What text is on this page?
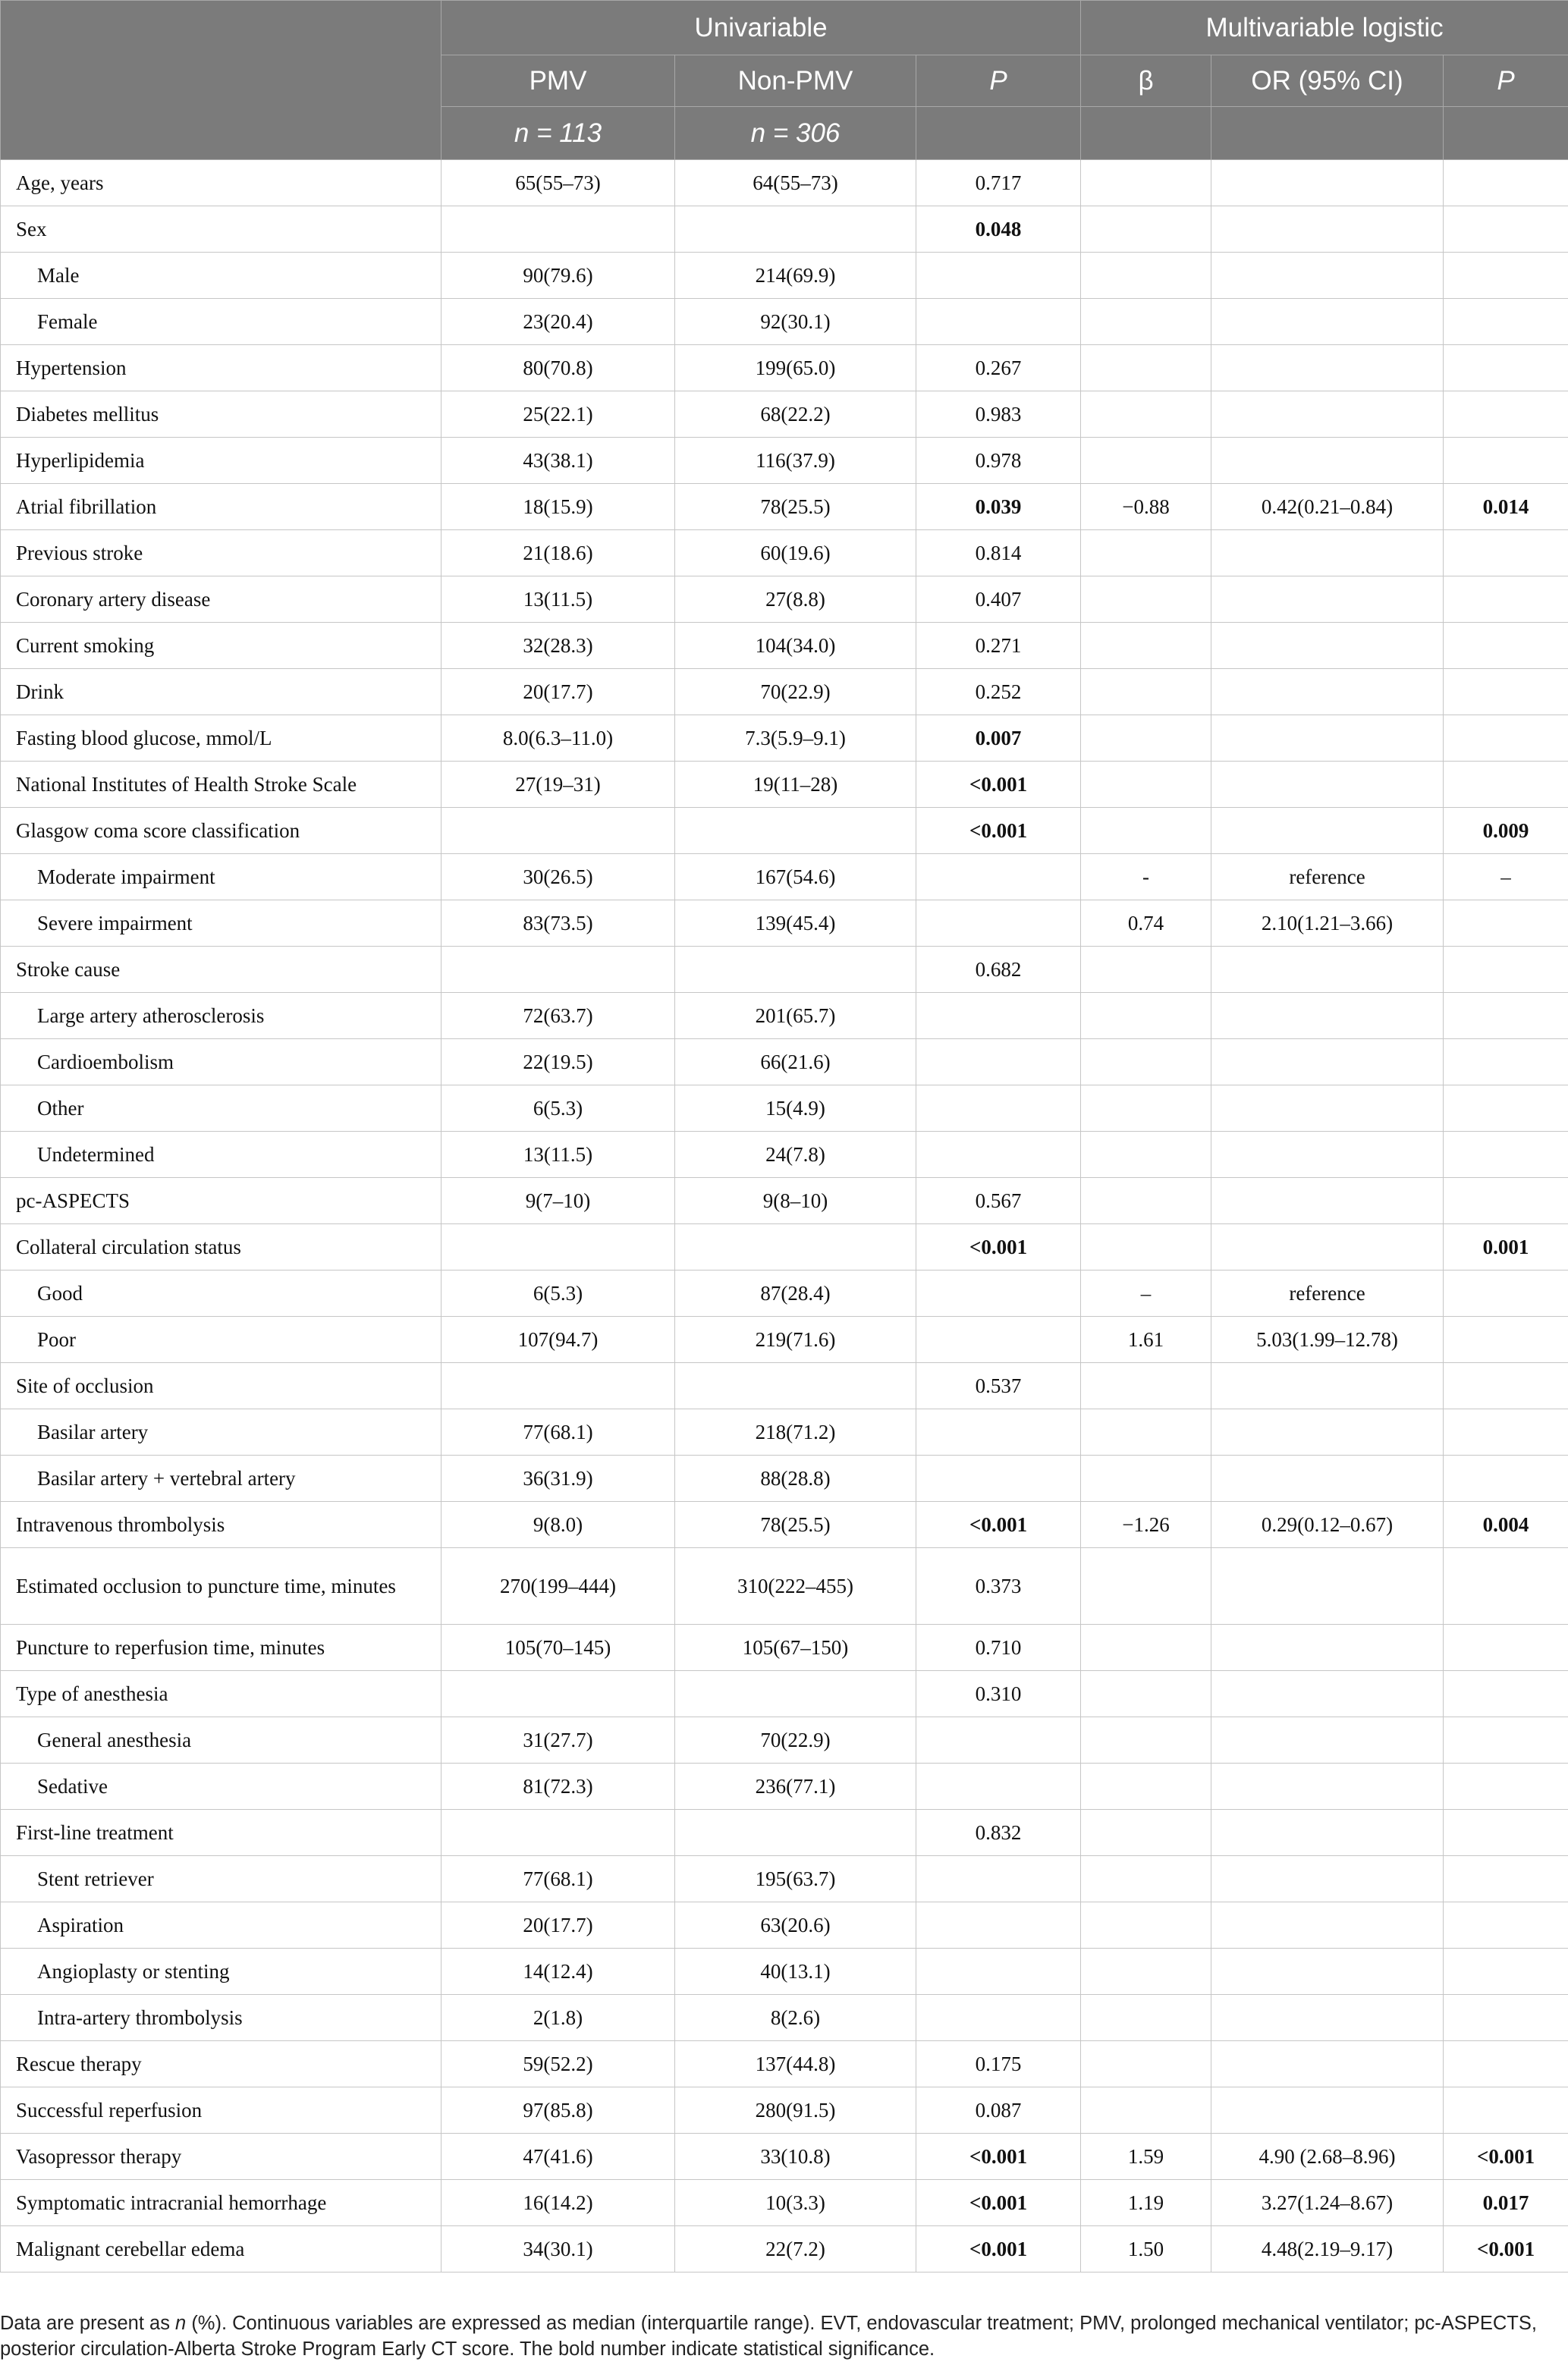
	Univariable			Multivariable logistic		
	PMV	Non-PMV	P	β	OR (95% CI)	P
	n = 113	n = 306				
Age, years	65(55–73)	64(55–73)	0.717			
Sex			0.048			
Male	90(79.6)	214(69.9)				
Female	23(20.4)	92(30.1)				
Hypertension	80(70.8)	199(65.0)	0.267			
Diabetes mellitus	25(22.1)	68(22.2)	0.983			
Hyperlipidemia	43(38.1)	116(37.9)	0.978			
Atrial fibrillation	18(15.9)	78(25.5)	0.039	−0.88	0.42(0.21–0.84)	0.014
Previous stroke	21(18.6)	60(19.6)	0.814			
Coronary artery disease	13(11.5)	27(8.8)	0.407			
Current smoking	32(28.3)	104(34.0)	0.271			
Drink	20(17.7)	70(22.9)	0.252			
Fasting blood glucose, mmol/L	8.0(6.3–11.0)	7.3(5.9–9.1)	0.007			
National Institutes of Health Stroke Scale	27(19–31)	19(11–28)	<0.001			
Glasgow coma score classification			<0.001			0.009
Moderate impairment	30(26.5)	167(54.6)		-	reference	–
Severe impairment	83(73.5)	139(45.4)		0.74	2.10(1.21–3.66)	
Stroke cause			0.682			
Large artery atherosclerosis	72(63.7)	201(65.7)				
Cardioembolism	22(19.5)	66(21.6)				
Other	6(5.3)	15(4.9)				
Undetermined	13(11.5)	24(7.8)				
pc-ASPECTS	9(7–10)	9(8–10)	0.567			
Collateral circulation status			<0.001			0.001
Good	6(5.3)	87(28.4)		–	reference	
Poor	107(94.7)	219(71.6)		1.61	5.03(1.99–12.78)	
Site of occlusion			0.537			
Basilar artery	77(68.1)	218(71.2)				
Basilar artery + vertebral artery	36(31.9)	88(28.8)				
Intravenous thrombolysis	9(8.0)	78(25.5)	<0.001	−1.26	0.29(0.12–0.67)	0.004
Estimated occlusion to puncture time, minutes	270(199–444)	310(222–455)	0.373			
Puncture to reperfusion time, minutes	105(70–145)	105(67–150)	0.710			
Type of anesthesia			0.310			
General anesthesia	31(27.7)	70(22.9)				
Sedative	81(72.3)	236(77.1)				
First-line treatment			0.832			
Stent retriever	77(68.1)	195(63.7)				
Aspiration	20(17.7)	63(20.6)				
Angioplasty or stenting	14(12.4)	40(13.1)				
Intra-artery thrombolysis	2(1.8)	8(2.6)				
Rescue therapy	59(52.2)	137(44.8)	0.175			
Successful reperfusion	97(85.8)	280(91.5)	0.087			
Vasopressor therapy	47(41.6)	33(10.8)	<0.001	1.59	4.90 (2.68–8.96)	<0.001
Symptomatic intracranial hemorrhage	16(14.2)	10(3.3)	<0.001	1.19	3.27(1.24–8.67)	0.017
Malignant cerebellar edema	34(30.1)	22(7.2)	<0.001	1.50	4.48(2.19–9.17)	<0.001
Data are present as n (%). Continuous variables are expressed as median (interquartile range). EVT, endovascular treatment; PMV, prolonged mechanical ventilator; pc-ASPECTS, posterior circulation-Alberta Stroke Program Early CT score. The bold number indicate statistical significance.
